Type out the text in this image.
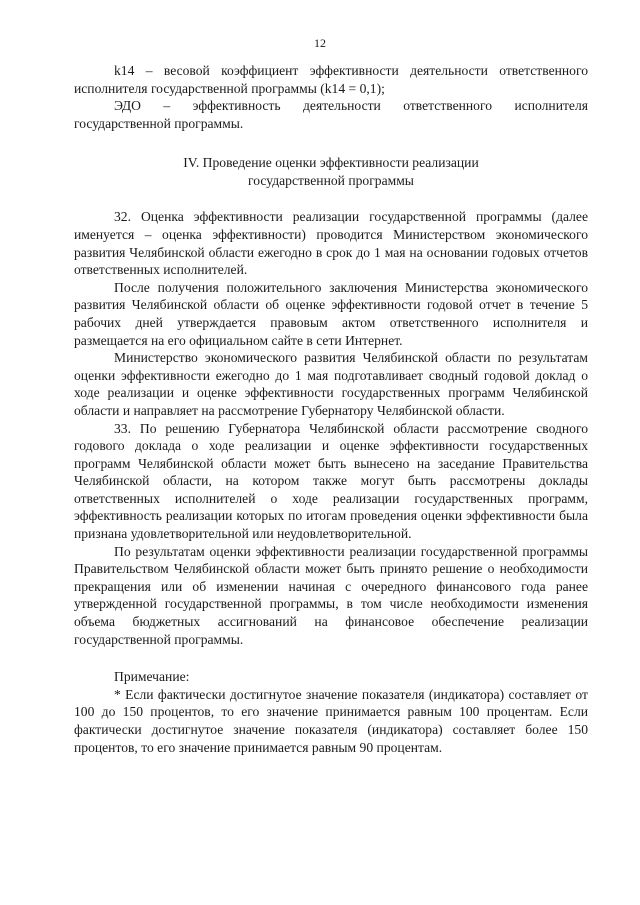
12

k14 – весовой коэффициент эффективности деятельности ответственного исполнителя государственной программы (k14 = 0,1);

ЭДО – эффективность деятельности ответственного исполнителя государственной программы.

IV. Проведение оценки эффективности реализации
государственной программы

32. Оценка эффективности реализации государственной программы (далее именуется – оценка эффективности) проводится Министерством экономического развития Челябинской области ежегодно в срок до 1 мая на основании годовых отчетов ответственных исполнителей.

После получения положительного заключения Министерства экономического развития Челябинской области об оценке эффективности годовой отчет в течение 5 рабочих дней утверждается правовым актом ответственного исполнителя и размещается на его официальном сайте в сети Интернет.

Министерство экономического развития Челябинской области по результатам оценки эффективности ежегодно до 1 мая подготавливает сводный годовой доклад о ходе реализации и оценке эффективности государственных программ Челябинской области и направляет на рассмотрение Губернатору Челябинской области.

33. По решению Губернатора Челябинской области рассмотрение сводного годового доклада о ходе реализации и оценке эффективности государственных программ Челябинской области может быть вынесено на заседание Правительства Челябинской области, на котором также могут быть рассмотрены доклады ответственных исполнителей о ходе реализации государственных программ, эффективность реализации которых по итогам проведения оценки эффективности была признана удовлетворительной или неудовлетворительной.

По результатам оценки эффективности реализации государственной программы Правительством Челябинской области может быть принято решение о необходимости прекращения или об изменении начиная с очередного финансового года ранее утвержденной государственной программы, в том числе необходимости изменения объема бюджетных ассигнований на финансовое обеспечение реализации государственной программы.

Примечание:

* Если фактически достигнутое значение показателя (индикатора) составляет от 100 до 150 процентов, то его значение принимается равным 100 процентам. Если фактически достигнутое значение показателя (индикатора) составляет более 150 процентов, то его значение принимается равным 90 процентам.
